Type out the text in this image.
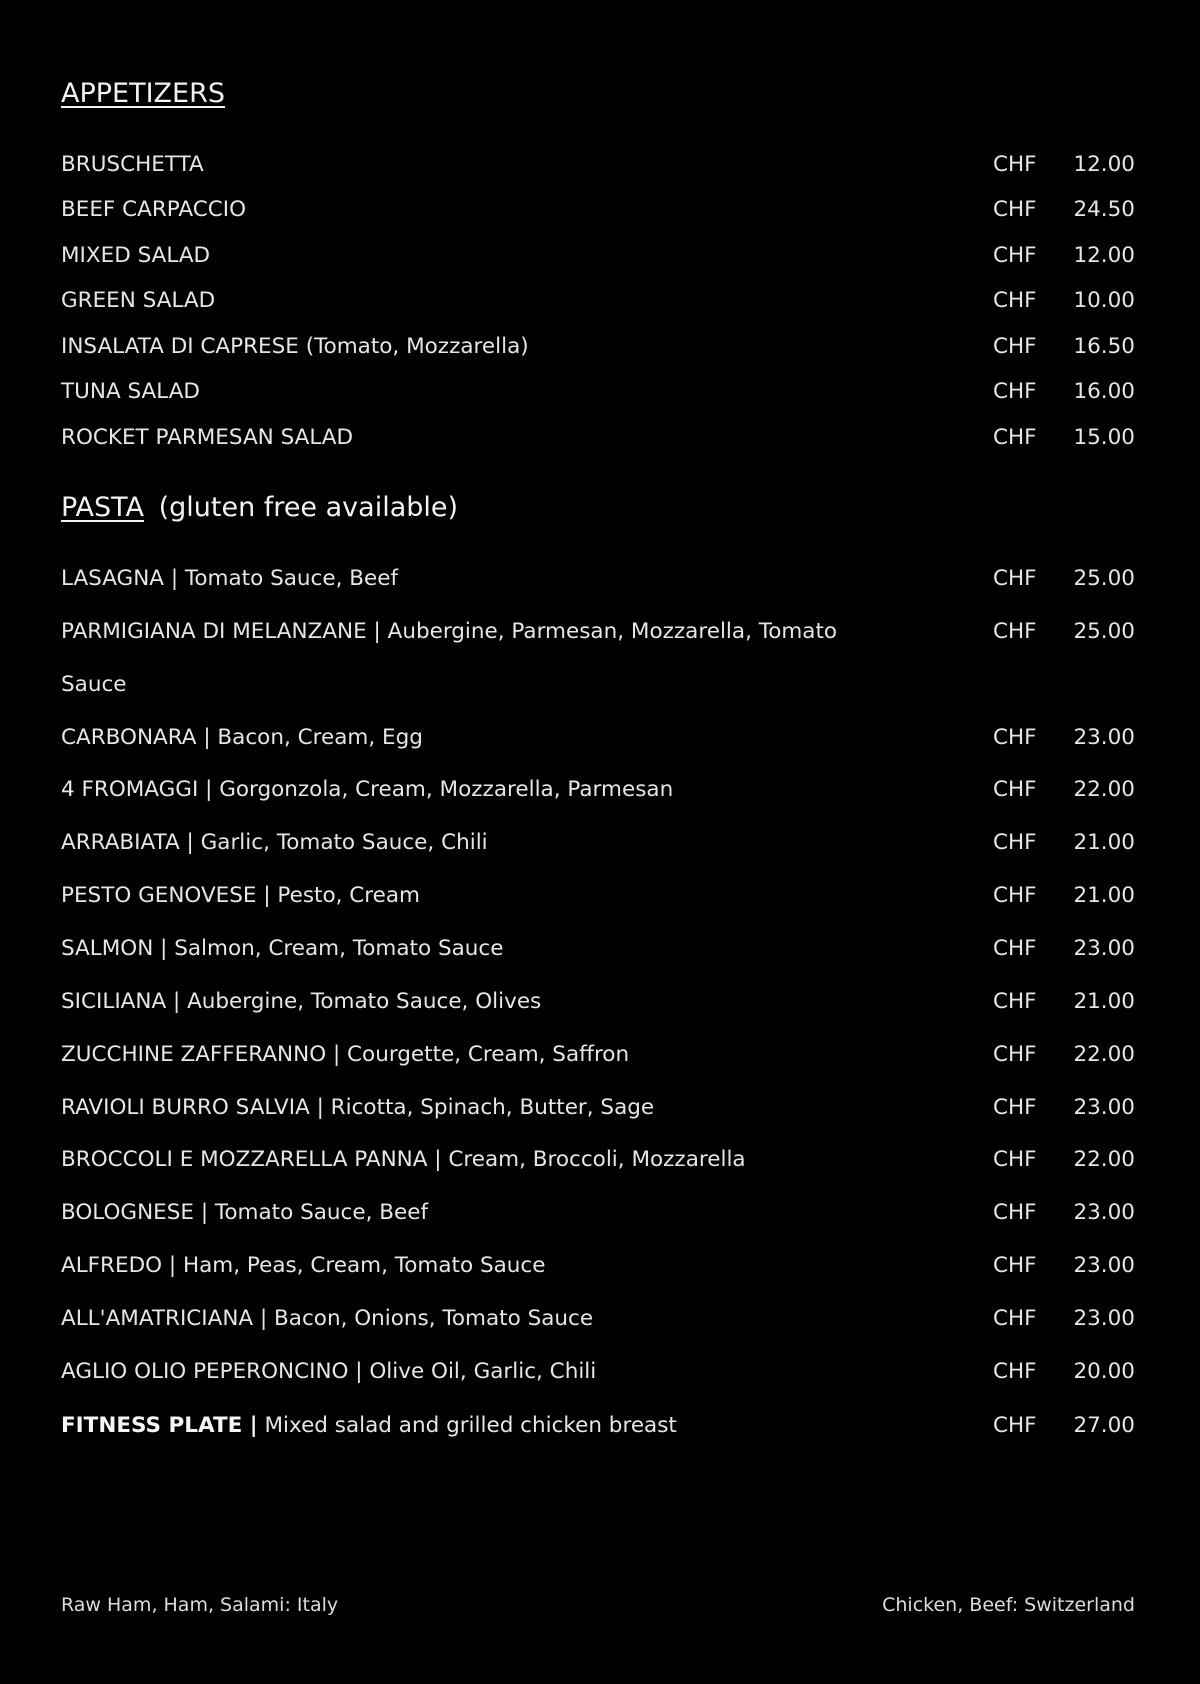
APPETIZERS
BRUSCHETTA	CHF 12.00
BEEF CARPACCIO	CHF 24.50
MIXED SALAD	CHF 12.00
GREEN SALAD	CHF 10.00
INSALATA DI CAPRESE (Tomato, Mozzarella)	CHF 16.50
TUNA SALAD	CHF 16.00
ROCKET PARMESAN SALAD	CHF 15.00
PASTA (gluten free available)
LASAGNA | Tomato Sauce, Beef	CHF 25.00
PARMIGIANA DI MELANZANE | Aubergine, Parmesan, Mozzarella, Tomato Sauce
CHF 25.00
CARBONARA | Bacon, Cream, Egg	CHF 23.00
4 FROMAGGI | Gorgonzola, Cream, Mozzarella, Parmesan	CHF 22.00
ARRABIATA | Garlic, Tomato Sauce, Chili	CHF 21.00
PESTO GENOVESE | Pesto, Cream	CHF 21.00
SALMON | Salmon, Cream, Tomato Sauce	CHF 23.00
SICILIANA | Aubergine, Tomato Sauce, Olives	CHF 21.00
ZUCCHINE ZAFFERANNO | Courgette, Cream, Saffron	CHF 22.00
RAVIOLI BURRO SALVIA | Ricotta, Spinach, Butter, Sage	CHF 23.00
BROCCOLI E MOZZARELLA PANNA | Cream, Broccoli, Mozzarella	CHF 22.00
BOLOGNESE | Tomato Sauce, Beef	CHF 23.00
ALFREDO | Ham, Peas, Cream, Tomato Sauce	CHF 23.00
ALL'AMATRICIANA | Bacon, Onions, Tomato Sauce	CHF 23.00
AGLIO OLIO PEPERONCINO | Olive Oil, Garlic, Chili	CHF 20.00
FITNESS PLATE | Mixed salad and grilled chicken breast	CHF 27.00
Raw Ham, Ham, Salami: Italy	Chicken, Beef: Switzerland
